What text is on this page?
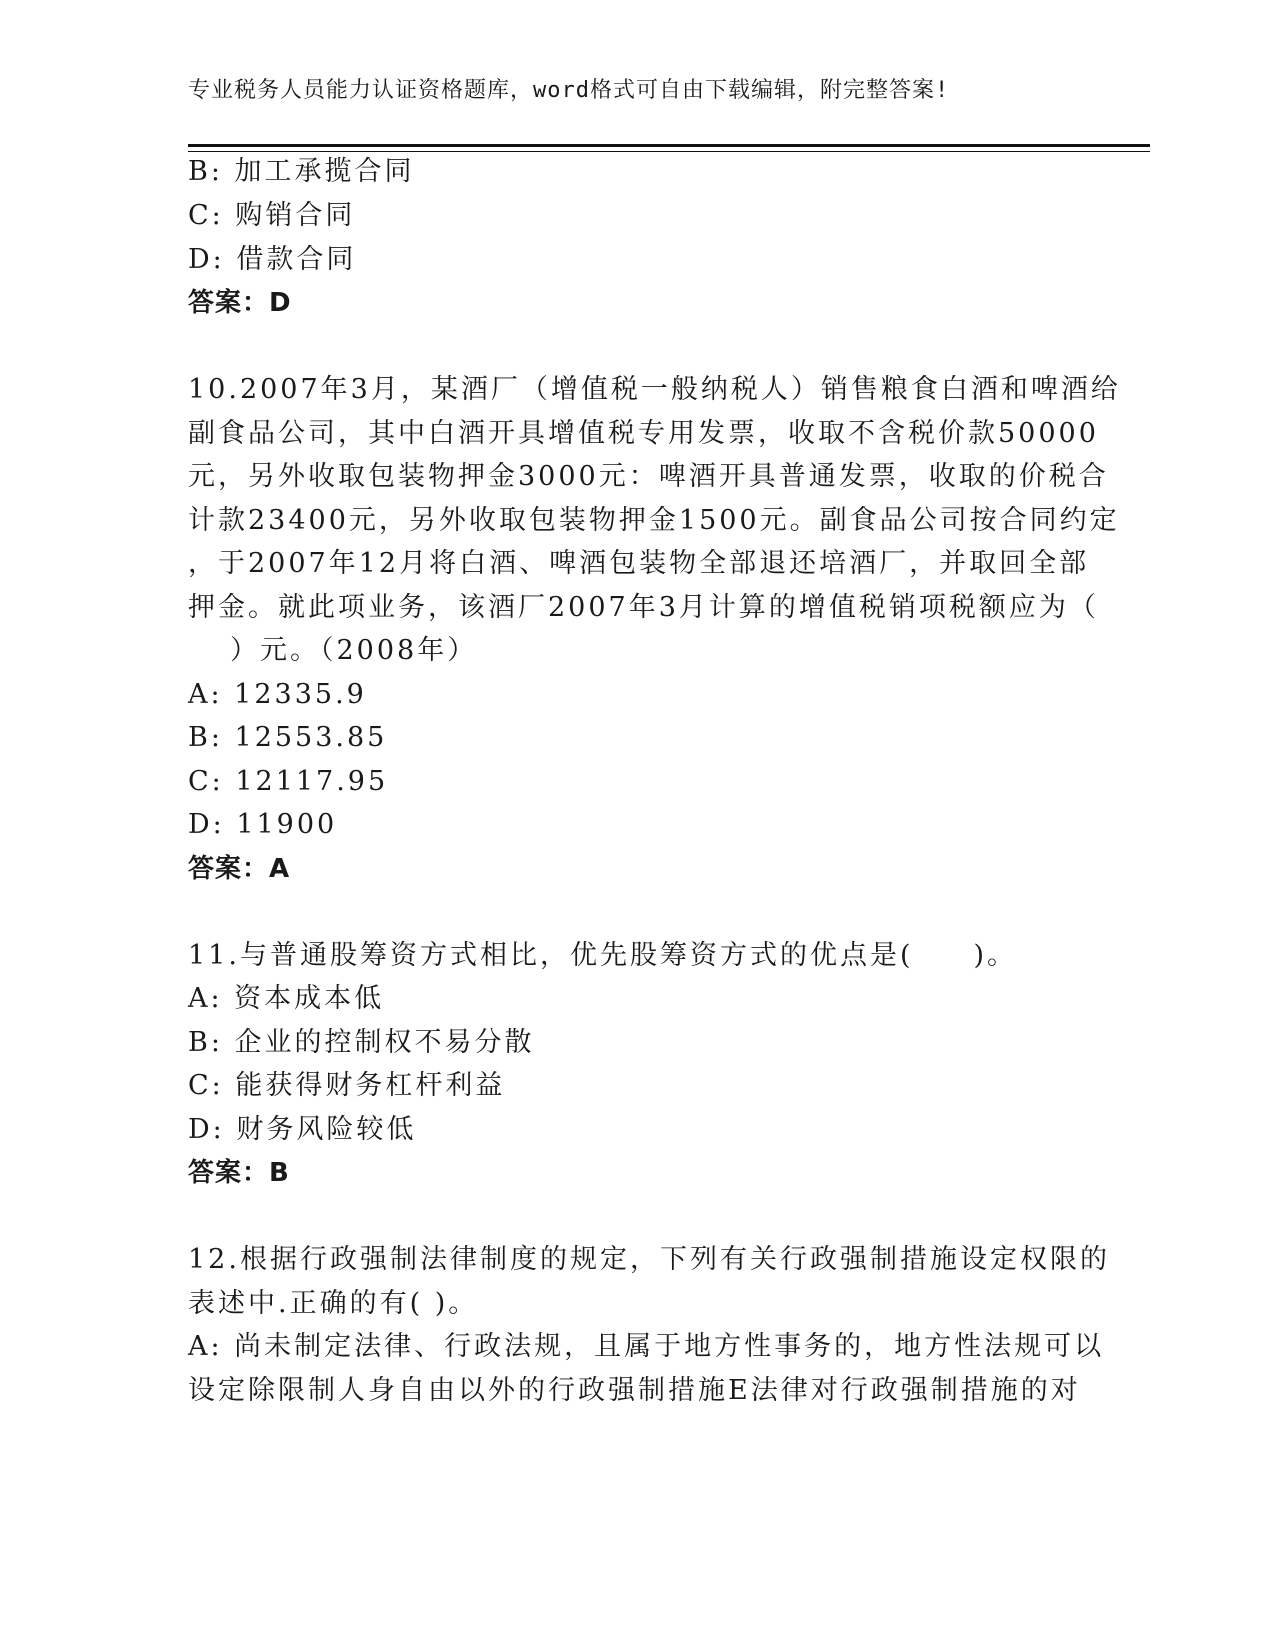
专业税务人员能力认证资格题库，word格式可自由下载编辑，附完整答案!
B: 加工承揽合同
C: 购销合同
D: 借款合同
答案：D
10.2007年3月，某酒厂（增值税一般纳税人）销售粮食白酒和啤酒给
副食品公司，其中白酒开具增值税专用发票，收取不含税价款50000
元，另外收取包装物押金3000元：啤酒开具普通发票，收取的价税合
计款23400元，另外收取包装物押金1500元。副食品公司按合同约定
，于2007年12月将白酒、啤酒包装物全部退还培酒厂，并取回全部
押金。就此项业务，该酒厂2007年3月计算的增值税销项税额应为（
）元。（2008年）
A: 12335.9
B: 12553.85
C: 12117.95
D: 11900
答案：A
11.与普通股筹资方式相比，优先股筹资方式的优点是(　　)。
A: 资本成本低
B: 企业的控制权不易分散
C: 能获得财务杠杆利益
D: 财务风险较低
答案：B
12.根据行政强制法律制度的规定，下列有关行政强制措施设定权限的
表述中.正确的有( )。
A: 尚未制定法律、行政法规，且属于地方性事务的，地方性法规可以
设定除限制人身自由以外的行政强制措施E法律对行政强制措施的对
